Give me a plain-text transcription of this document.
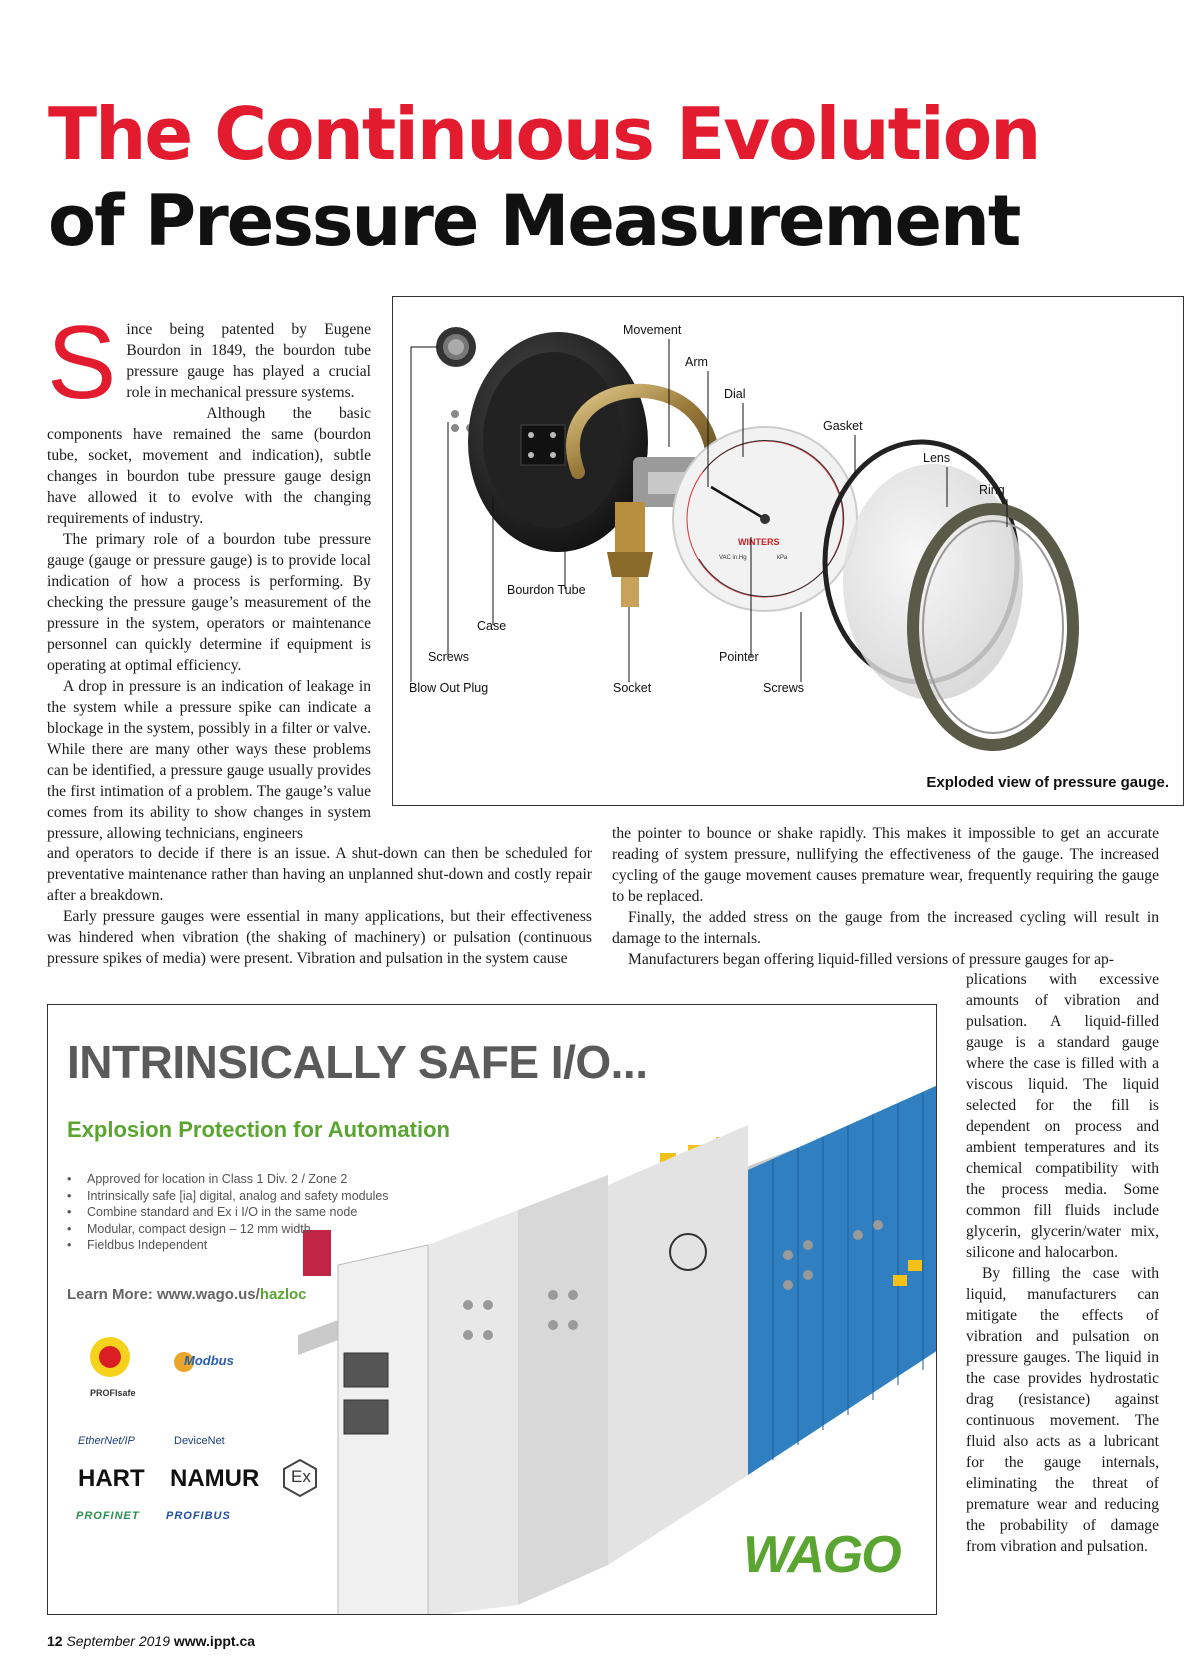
The Continuous Evolution
of Pressure Measurement
S ince being patented by Eugene Bourdon in 1849, the bourdon tube pressure gauge has played a crucial role in mechanical pressure systems.

Although the basic components have remained the same (bourdon tube, socket, movement and indication), subtle changes in bourdon tube pressure gauge design have allowed it to evolve with the changing requirements of industry.

The primary role of a bourdon tube pressure gauge (gauge or pressure gauge) is to provide local indication of how a process is performing. By checking the pressure gauge’s measurement of the pressure in the system, operators or maintenance personnel can quickly determine if equipment is operating at optimal efficiency.

A drop in pressure is an indication of leakage in the system while a pressure spike can indicate a blockage in the system, possibly in a filter or valve. While there are many other ways these problems can be identified, a pressure gauge usually provides the first intimation of a problem. The gauge’s value comes from its ability to show changes in system pressure, allowing technicians, engineers

and operators to decide if there is an issue. A shut-down can then be scheduled for preventative maintenance rather than having an unplanned shut-down and costly repair after a breakdown.

Early pressure gauges were essential in many applications, but their effectiveness was hindered when vibration (the shaking of machinery) or pulsation (continuous pressure spikes of media) were present. Vibration and pulsation in the system cause

the pointer to bounce or shake rapidly. This makes it impossible to get an accurate reading of system pressure, nullifying the effectiveness of the gauge. The increased cycling of the gauge movement causes premature wear, frequently requiring the gauge to be replaced.

Finally, the added stress on the gauge from the increased cycling will result in damage to the internals.

Manufacturers began offering liquid-filled versions of pressure gauges for ap-

plications with excessive amounts of vibration and pulsation. A liquid-filled gauge is a standard gauge where the case is filled with a viscous liquid. The liquid selected for the fill is dependent on process and ambient temperatures and its chemical compatibility with the process media. Some common fill fluids include glycerin, glycerin/water mix, silicone and halocarbon.

By filling the case with liquid, manufacturers can mitigate the effects of vibration and pulsation on pressure gauges. The liquid in the case provides hydrostatic drag (resistance) against continuous movement. The fluid also acts as a lubricant for the gauge internals, eliminating the threat of premature wear and reducing the probability of damage from vibration and pulsation.

WINTERS
VAC in.Hg	kPa
Movement
Arm
Dial
Gasket
Lens
Ring
Bourdon Tube
Case
Screws
Blow Out Plug	Socket
Pointer
Screws
Exploded view of pressure gauge.
INTRINSICALLY SAFE I/O...
Explosion Protection for Automation
• Approved for location in Class 1 Div. 2 / Zone 2
• Intrinsically safe [ia] digital, analog and safety modules
• Combine standard and Ex i I/O in the same node
• Modular, compact design – 12 mm width
• Fieldbus Independent
Learn More: www.wago.us/hazloc
PROFIsafe
Modbus
EtherNet/IP	DeviceNet
HART NAMUR
PROFINET PROFIBUS
Ex
WAGO
12 September 2019 www.ippt.ca
